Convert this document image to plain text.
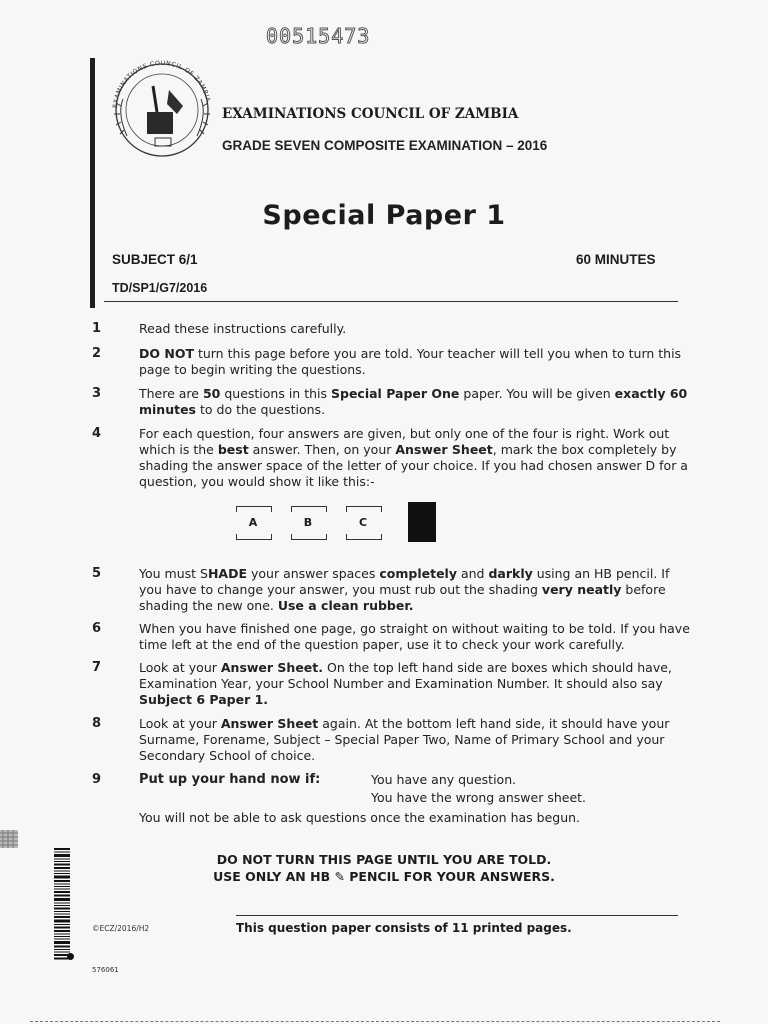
00515473
EXAMINATIONS COUNCIL OF ZAMBIA
EXAMINATIONS COUNCIL OF ZAMBIA
GRADE SEVEN COMPOSITE EXAMINATION – 2016
Special Paper 1
SUBJECT 6/1	60 MINUTES
TD/SP1/G7/2016
1	Read these instructions carefully.
2	DO NOT turn this page before you are told. Your teacher will tell you when to turn this page to begin writing the questions.
3	There are 50 questions in this Special Paper One paper. You will be given exactly 60 minutes to do the questions.
4	For each question, four answers are given, but only one of the four is right. Work out which is the best answer. Then, on your Answer Sheet, mark the box completely by shading the answer space of the letter of your choice. If you had chosen answer D for a question, you would show it like this:-
5	You must SHADE your answer spaces completely and darkly using an HB pencil. If you have to change your answer, you must rub out the shading very neatly before shading the new one. Use a clean rubber.
6	When you have finished one page, go straight on without waiting to be told. If you have time left at the end of the question paper, use it to check your work carefully.
7	Look at your Answer Sheet. On the top left hand side are boxes which should have, Examination Year, your School Number and Examination Number. It should also say Subject 6 Paper 1.
8	Look at your Answer Sheet again. At the bottom left hand side, it should have your Surname, Forename, Subject – Special Paper Two, Name of Primary School and your Secondary School of choice.
A	B	C
9	Put up your hand now if:	You have any question.
You have the wrong answer sheet.
You will not be able to ask questions once the examination has begun.
DO NOT TURN THIS PAGE UNTIL YOU ARE TOLD.
USE ONLY AN HB ✎ PENCIL FOR YOUR ANSWERS.
©ECZ/2016/H2	This question paper consists of 11 printed pages.
576061
